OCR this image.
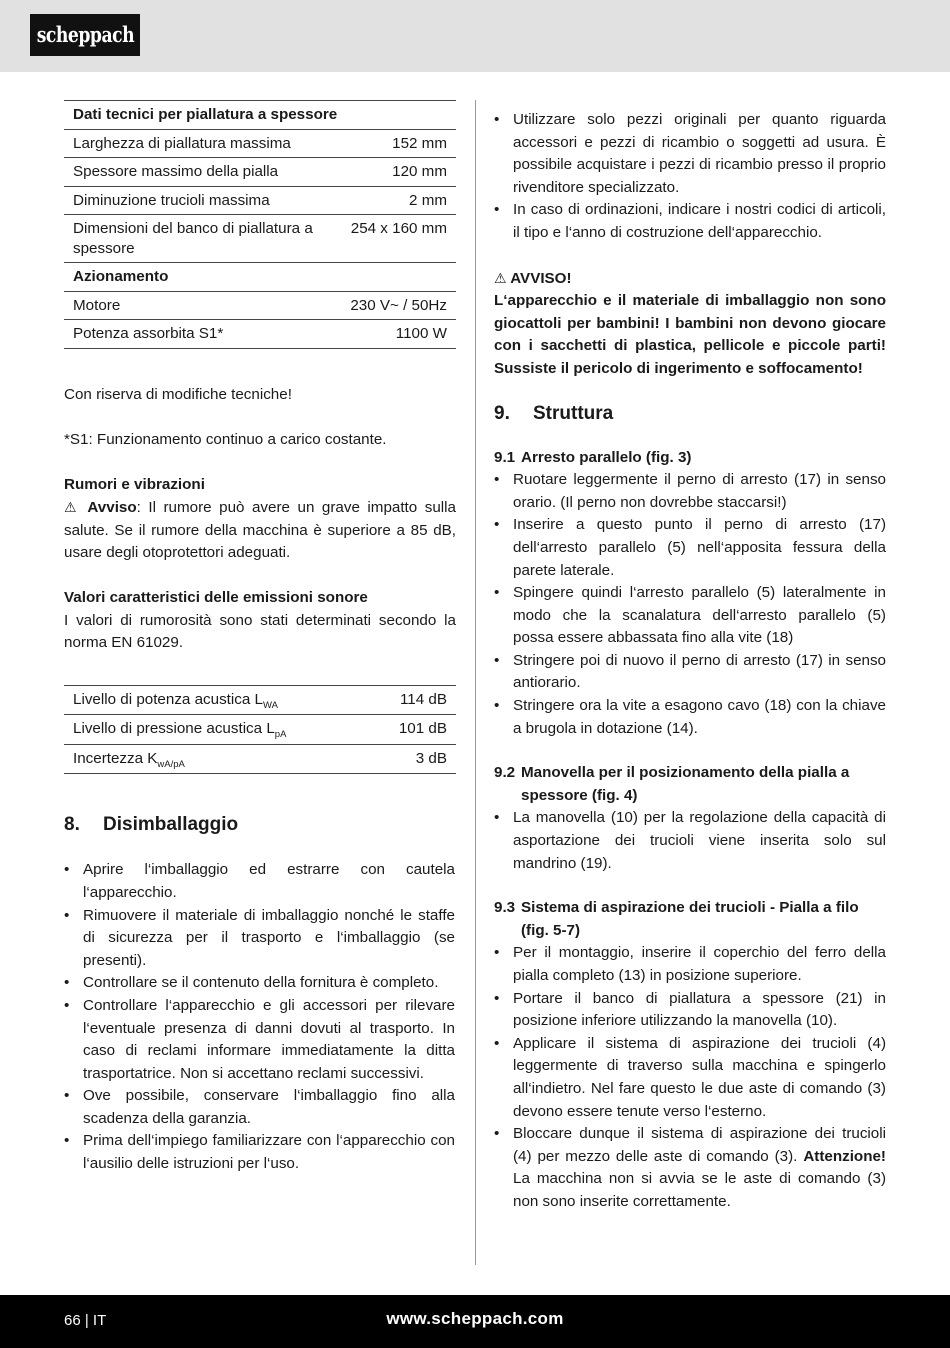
scheppach
Dati tecnici per piallatura a spessore	
Larghezza di piallatura massima	152 mm
Spessore massimo della pialla	120 mm
Diminuzione trucioli massima	2 mm
Dimensioni del banco di piallatura a spessore	254 x 160 mm
Azionamento	
Motore	230 V~ / 50Hz
Potenza assorbita S1*	1100 W

Con riserva di modifiche tecniche!

*S1: Funzionamento continuo a carico costante.

Rumori e vibrazioni

⚠ Avviso: Il rumore può avere un grave impatto sulla salute. Se il rumore della macchina è superiore a 85 dB, usare degli otoprotettori adeguati.

Valori caratteristici delle emissioni sonore

I valori di rumorosità sono stati determinati secondo la norma EN 61029.

Livello di potenza acustica $L_{WA}$	114 dB
Livello di pressione acustica $L_{pA}$	101 dB
Incertezza $K_{wA/pA}$	3 dB
8. Disimballaggio
• Aprire l‘imballaggio ed estrarre con cautela l‘apparecchio.
• Rimuovere il materiale di imballaggio nonché le staffe di sicurezza per il trasporto e l‘imballaggio (se presenti).
• Controllare se il contenuto della fornitura è completo.
• Controllare l‘apparecchio e gli accessori per rilevare l‘eventuale presenza di danni dovuti al trasporto. In caso di reclami informare immediatamente la ditta trasportatrice. Non si accettano reclami successivi.
• Ove possibile, conservare l‘imballaggio fino alla scadenza della garanzia.
• Prima dell‘impiego familiarizzare con l‘apparecchio con l‘ausilio delle istruzioni per l‘uso.
• Utilizzare solo pezzi originali per quanto riguarda accessori e pezzi di ricambio o soggetti ad usura. È possibile acquistare i pezzi di ricambio presso il proprio rivenditore specializzato.
• In caso di ordinazioni, indicare i nostri codici di articoli, il tipo e l‘anno di costruzione dell‘apparecchio.

⚠ AVVISO!

L‘apparecchio e il materiale di imballaggio non sono giocattoli per bambini! I bambini non devono giocare con i sacchetti di plastica, pellicole e piccole parti! Sussiste il pericolo di ingerimento e soffocamento!

9. Struttura
9.1 Arresto parallelo (fig. 3)
• Ruotare leggermente il perno di arresto (17) in senso orario. (Il perno non dovrebbe staccarsi!)
• Inserire a questo punto il perno di arresto (17) dell‘arresto parallelo (5) nell‘apposita fessura della parete laterale.
• Spingere quindi l‘arresto parallelo (5) lateralmente in modo che la scanalatura dell‘arresto parallelo (5) possa essere abbassata fino alla vite (18)
• Stringere poi di nuovo il perno di arresto (17) in senso antiorario.
• Stringere ora la vite a esagono cavo (18) con la chiave a brugola in dotazione (14).
9.2 Manovella per il posizionamento della pialla a spessore (fig. 4)
• La manovella (10) per la regolazione della capacità di asportazione dei trucioli viene inserita solo sul mandrino (19).
9.3 Sistema di aspirazione dei trucioli - Pialla a filo (fig. 5-7)
• Per il montaggio, inserire il coperchio del ferro della pialla completo (13) in posizione superiore.
• Portare il banco di piallatura a spessore (21) in posizione inferiore utilizzando la manovella (10).
• Applicare il sistema di aspirazione dei trucioli (4) leggermente di traverso sulla macchina e spingerlo all‘indietro. Nel fare questo le due aste di comando (3) devono essere tenute verso l‘esterno.
• Bloccare dunque il sistema di aspirazione dei trucioli (4) per mezzo delle aste di comando (3). Attenzione! La macchina non si avvia se le aste di comando (3) non sono inserite correttamente.
66 | IT	www.scheppach.com
